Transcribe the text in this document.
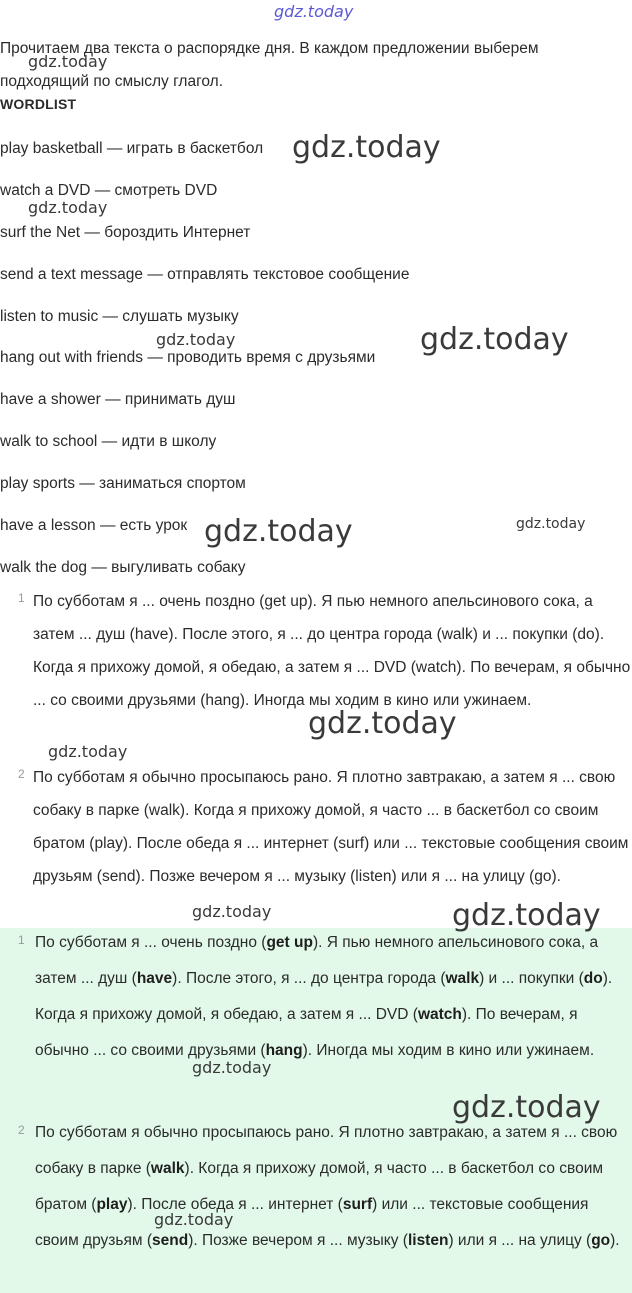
gdz.today
gdz.today
gdz.today
gdz.today
gdz.today	gdz.today
gdz.today	gdz.today
gdz.today
gdz.today
gdz.today	gdz.today
gdz.today
gdz.today
gdz.today
Прочитаем два текста о распорядке дня. В каждом предложении выберем подходящий по смыслу глагол.
WORDLIST
play basketball — играть в баскетбол
watch a DVD — смотреть DVD
surf the Net — бороздить Интернет
send a text message — отправлять текстовое сообщение
listen to music — слушать музыку
hang out with friends — проводить время с друзьями
have a shower — принимать душ
walk to school — идти в школу
play sports — заниматься спортом
have a lesson — есть урок
walk the dog — выгуливать собаку
1 По субботам я ... очень поздно (get up). Я пью немного апельсинового сока, а затем ... душ (have). После этого, я ... до центра города (walk) и ... покупки (do). Когда я прихожу домой, я обедаю, а затем я ... DVD (watch). По вечерам, я обычно ... со своими друзьями (hang). Иногда мы ходим в кино или ужинаем.
2 По субботам я обычно просыпаюсь рано. Я плотно завтракаю, а затем я ... свою собаку в парке (walk). Когда я прихожу домой, я часто ... в баскетбол со своим братом (play). После обеда я ... интернет (surf) или ... текстовые сообщения своим друзьям (send). Позже вечером я ... музыку (listen) или я ... на улицу (go).
1 По субботам я ... очень поздно (get up). Я пью немного апельсинового сока, а затем ... душ (have). После этого, я ... до центра города (walk) и ... покупки (do). Когда я прихожу домой, я обедаю, а затем я ... DVD (watch). По вечерам, я обычно ... со своими друзьями (hang). Иногда мы ходим в кино или ужинаем.
2 По субботам я обычно просыпаюсь рано. Я плотно завтракаю, а затем я ... свою собаку в парке (walk). Когда я прихожу домой, я часто ... в баскетбол со своим братом (play). После обеда я ... интернет (surf) или ... текстовые сообщения своим друзьям (send). Позже вечером я ... музыку (listen) или я ... на улицу (go).
